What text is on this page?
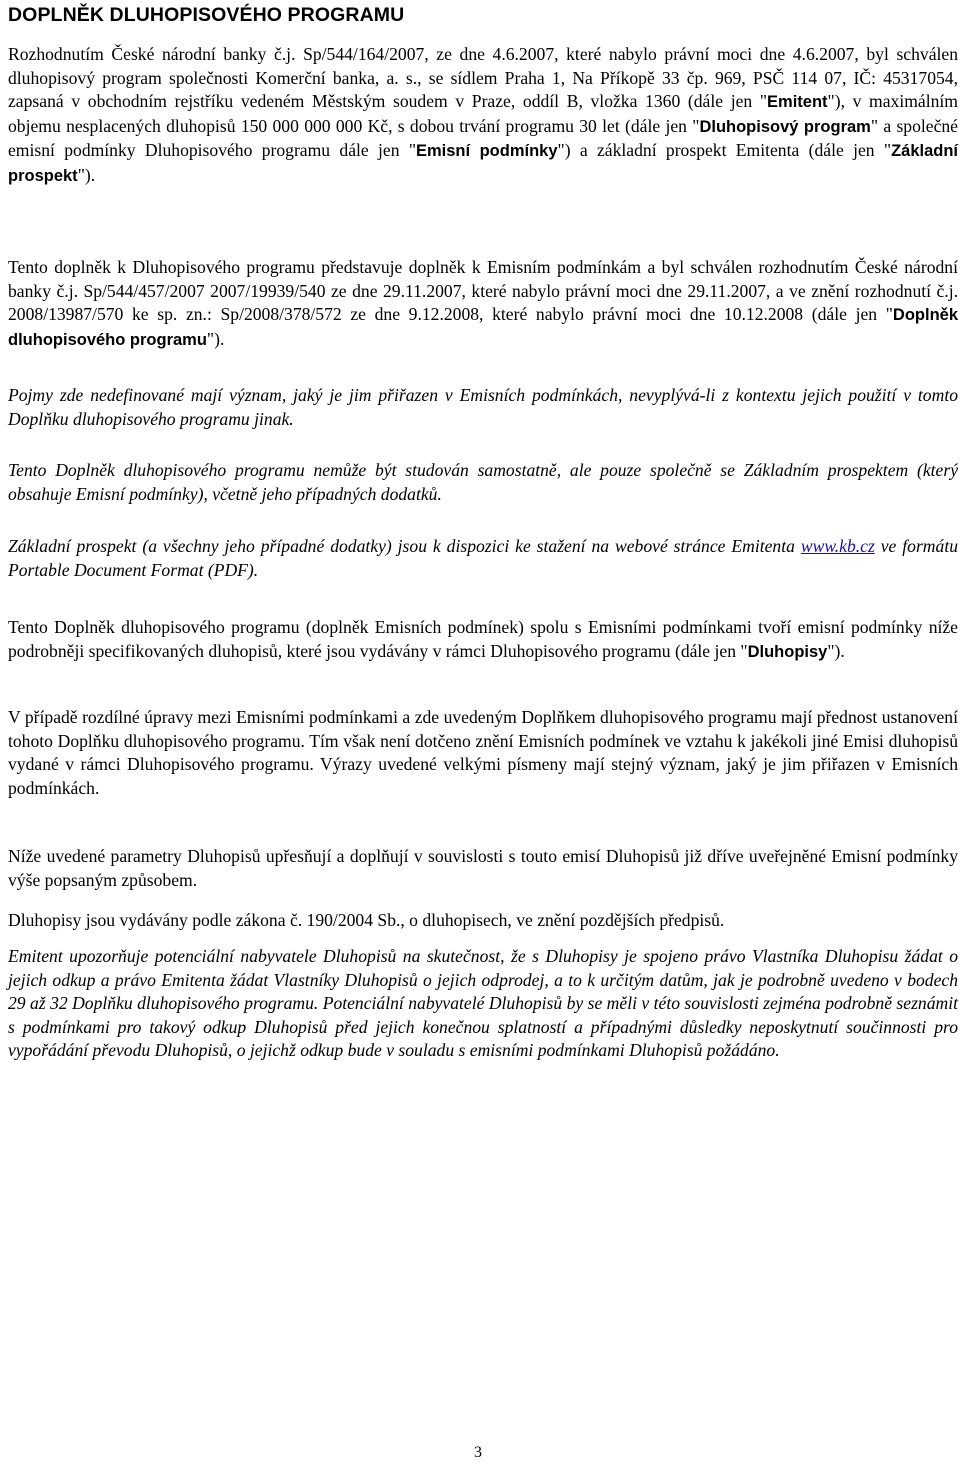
DOPLNĚK DLUHOPISOVÉHO PROGRAMU

Rozhodnutím České národní banky č.j. Sp/544/164/2007, ze dne 4.6.2007, které nabylo právní moci dne 4.6.2007, byl schválen dluhopisový program společnosti Komerční banka, a. s., se sídlem Praha 1, Na Příkopě 33 čp. 969, PSČ 114 07, IČ: 45317054, zapsaná v obchodním rejstříku vedeném Městským soudem v Praze, oddíl B, vložka 1360 (dále jen "Emitent"), v maximálním objemu nesplacených dluhopisů 150 000 000 000 Kč, s dobou trvání programu 30 let (dále jen "Dluhopisový program" a společné emisní podmínky Dluhopisového programu dále jen "Emisní podmínky") a základní prospekt Emitenta (dále jen "Základní prospekt").

Tento doplněk k Dluhopisového programu představuje doplněk k Emisním podmínkám a byl schválen rozhodnutím České národní banky č.j. Sp/544/457/2007 2007/19939/540 ze dne 29.11.2007, které nabylo právní moci dne 29.11.2007, a ve znění rozhodnutí č.j. 2008/13987/570 ke sp. zn.: Sp/2008/378/572 ze dne 9.12.2008, které nabylo právní moci dne 10.12.2008 (dále jen "Doplněk dluhopisového programu").

Pojmy zde nedefinované mají význam, jaký je jim přiřazen v Emisních podmínkách, nevyplývá-li z kontextu jejich použití v tomto Doplňku dluhopisového programu jinak.

Tento Doplněk dluhopisového programu nemůže být studován samostatně, ale pouze společně se Základním prospektem (který obsahuje Emisní podmínky), včetně jeho případných dodatků.

Základní prospekt (a všechny jeho případné dodatky) jsou k dispozici ke stažení na webové stránce Emitenta www.kb.cz ve formátu Portable Document Format (PDF).

Tento Doplněk dluhopisového programu (doplněk Emisních podmínek) spolu s Emisními podmínkami tvoří emisní podmínky níže podrobněji specifikovaných dluhopisů, které jsou vydávány v rámci Dluhopisového programu (dále jen "Dluhopisy").

V případě rozdílné úpravy mezi Emisními podmínkami a zde uvedeným Doplňkem dluhopisového programu mají přednost ustanovení tohoto Doplňku dluhopisového programu. Tím však není dotčeno znění Emisních podmínek ve vztahu k jakékoli jiné Emisi dluhopisů vydané v rámci Dluhopisového programu. Výrazy uvedené velkými písmeny mají stejný význam, jaký je jim přiřazen v Emisních podmínkách.

Níže uvedené parametry Dluhopisů upřesňují a doplňují v souvislosti s touto emisí Dluhopisů již dříve uveřejněné Emisní podmínky výše popsaným způsobem.

Dluhopisy jsou vydávány podle zákona č. 190/2004 Sb., o dluhopisech, ve znění pozdějších předpisů.

Emitent upozorňuje potenciální nabyvatele Dluhopisů na skutečnost, že s Dluhopisy je spojeno právo Vlastníka Dluhopisu žádat o jejich odkup a právo Emitenta žádat Vlastníky Dluhopisů o jejich odprodej, a to k určitým datům, jak je podrobně uvedeno v bodech 29 až 32 Doplňku dluhopisového programu. Potenciální nabyvatelé Dluhopisů by se měli v této souvislosti zejména podrobně seznámit s podmínkami pro takový odkup Dluhopisů před jejich konečnou splatností a případnými důsledky neposkytnutí součinnosti pro vypořádání převodu Dluhopisů, o jejichž odkup bude v souladu s emisními podmínkami Dluhopisů požádáno.

3
